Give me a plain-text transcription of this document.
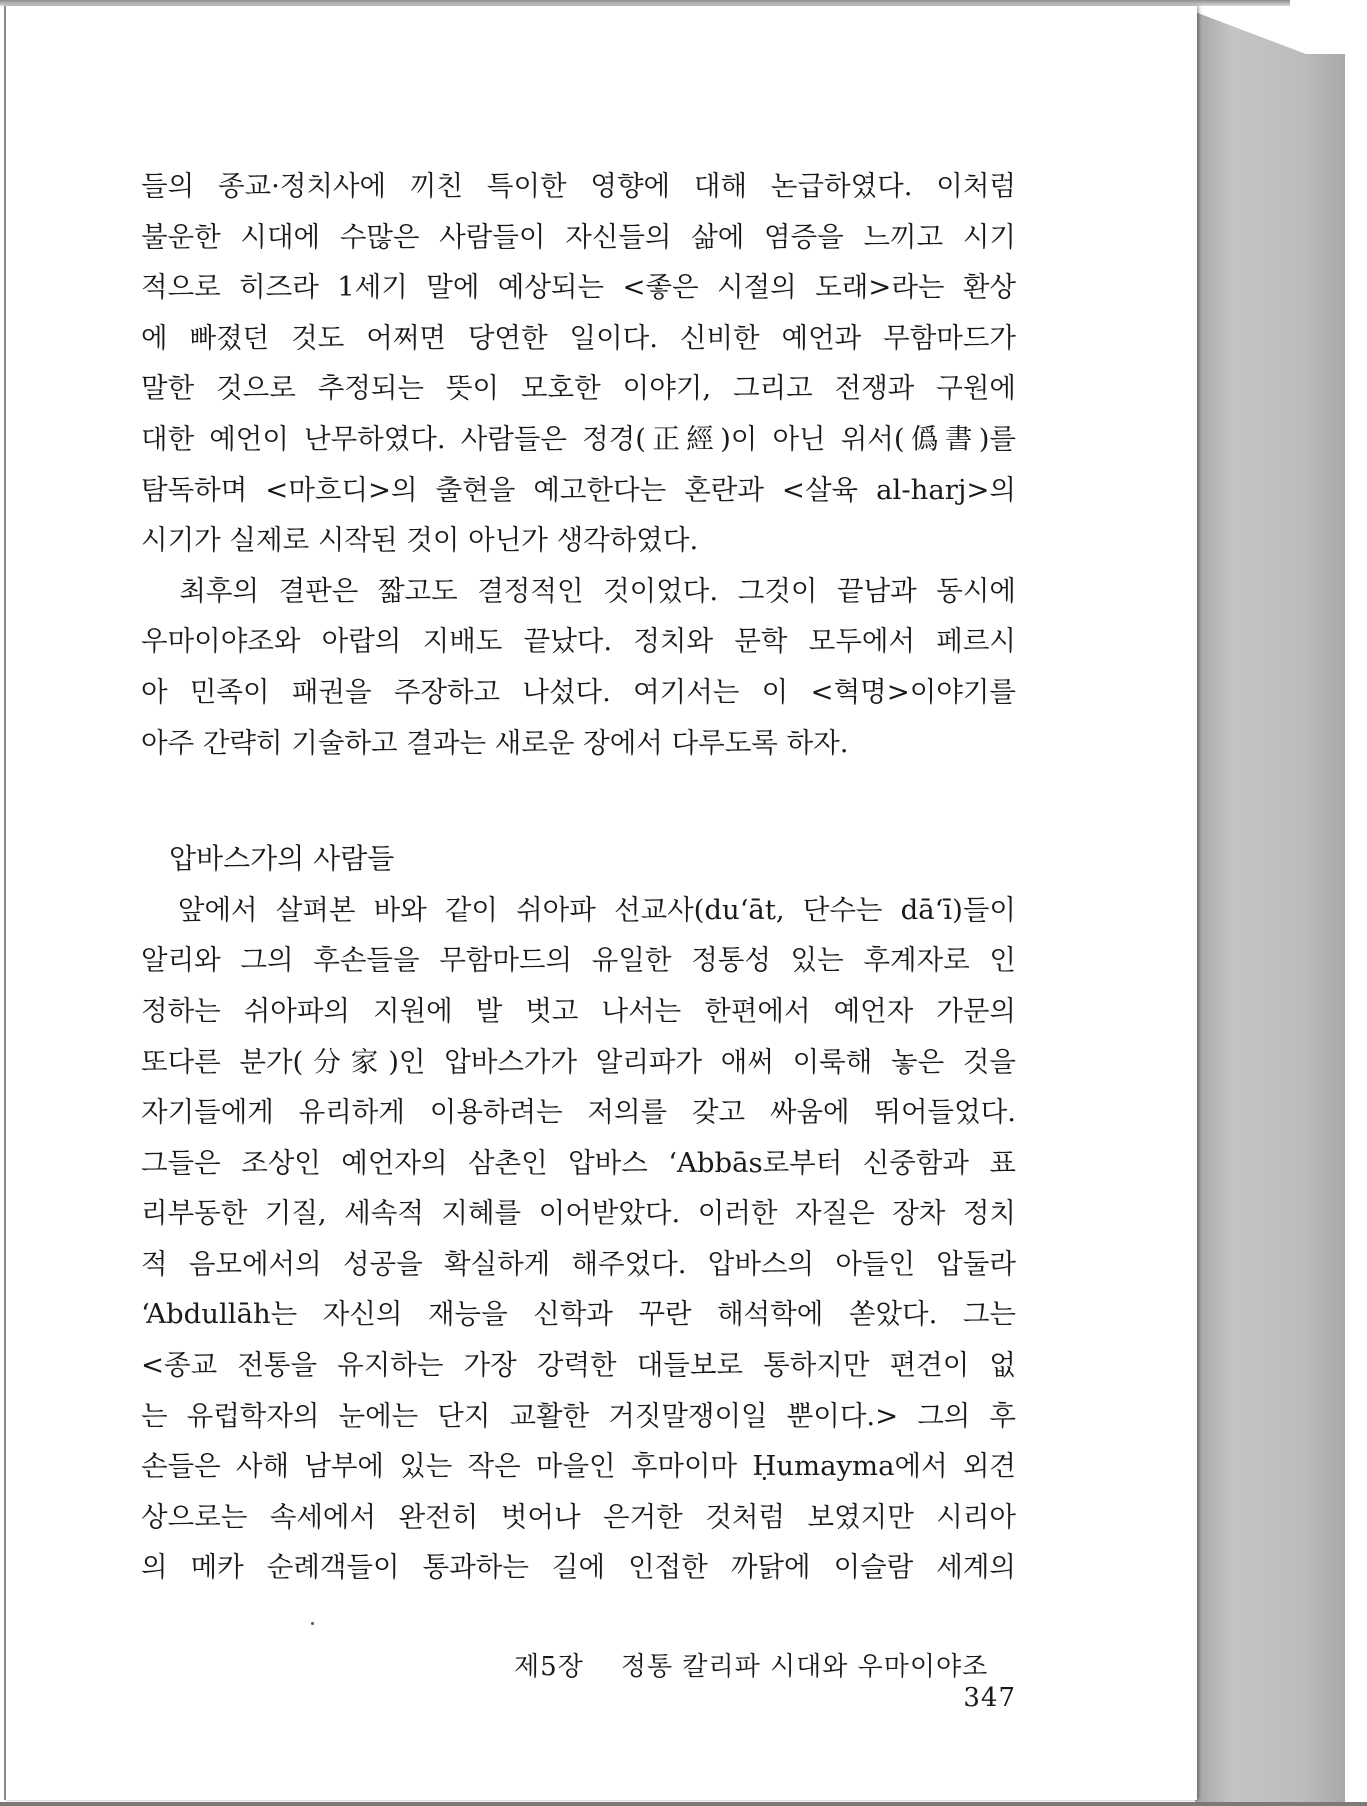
들의 종교·정치사에 끼친 특이한 영향에 대해 논급하였다. 이처럼
불운한 시대에 수많은 사람들이 자신들의 삶에 염증을 느끼고 시기
적으로 히즈라 1세기 말에 예상되는 <좋은 시절의 도래>라는 환상
에 빠졌던 것도 어쩌면 당연한 일이다. 신비한 예언과 무함마드가
말한 것으로 추정되는 뜻이 모호한 이야기, 그리고 전쟁과 구원에
대한 예언이 난무하였다. 사람들은 정경(正經)이 아닌 위서(僞書)를
탐독하며 <마흐디>의 출현을 예고한다는 혼란과 <살육 al-harj>의
시기가 실제로 시작된 것이 아닌가 생각하였다.
　최후의 결판은 짧고도 결정적인 것이었다. 그것이 끝남과 동시에
우마이야조와 아랍의 지배도 끝났다. 정치와 문학 모두에서 페르시
아 민족이 패권을 주장하고 나섰다. 여기서는 이 <혁명>이야기를
아주 간략히 기술하고 결과는 새로운 장에서 다루도록 하자.
압바스가의 사람들
　앞에서 살펴본 바와 같이 쉬아파 선교사(du‘āt, 단수는 dā‘ī)들이
알리와 그의 후손들을 무함마드의 유일한 정통성 있는 후계자로 인
정하는 쉬아파의 지원에 발 벗고 나서는 한편에서 예언자 가문의
또다른 분가(分家)인 압바스가가 알리파가 애써 이룩해 놓은 것을
자기들에게 유리하게 이용하려는 저의를 갖고 싸움에 뛰어들었다.
그들은 조상인 예언자의 삼촌인 압바스 ‘Abbās로부터 신중함과 표
리부동한 기질, 세속적 지혜를 이어받았다. 이러한 자질은 장차 정치
적 음모에서의 성공을 확실하게 해주었다. 압바스의 아들인 압둘라
‘Abdullāh는 자신의 재능을 신학과 꾸란 해석학에 쏟았다. 그는
<종교 전통을 유지하는 가장 강력한 대들보로 통하지만 편견이 없
는 유럽학자의 눈에는 단지 교활한 거짓말쟁이일 뿐이다.> 그의 후
손들은 사해 남부에 있는 작은 마을인 후마이마 Ḥumayma에서 외견
상으로는 속세에서 완전히 벗어나 은거한 것처럼 보였지만 시리아
의 메카 순례객들이 통과하는 길에 인접한 까닭에 이슬람 세계의
제5장 정통 칼리파 시대와 우마이야조    347
